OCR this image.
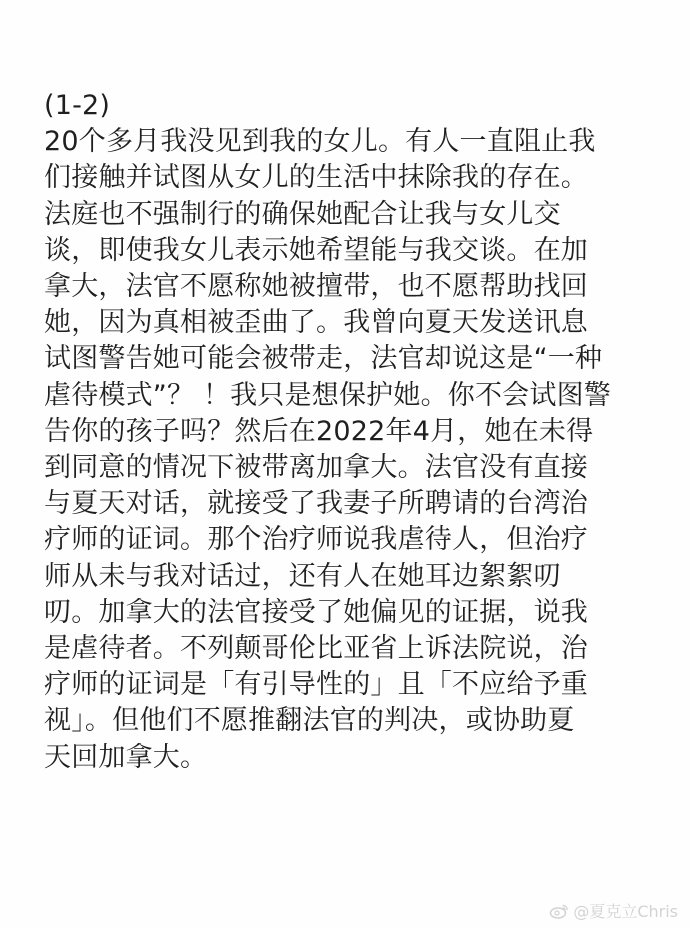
(1-2)
20个多月我没见到我的女儿。有人一直阻止我
们接触并试图从女儿的生活中抹除我的存在。
法庭也不强制行的确保她配合让我与女儿交
谈，即使我女儿表示她希望能与我交谈。在加
拿大，法官不愿称她被擅带，也不愿帮助找回
她，因为真相被歪曲了。我曾向夏天发送讯息
试图警告她可能会被带走，法官却说这是“一种
虐待模式”？ ！我只是想保护她。你不会试图警
告你的孩子吗？然后在2022年4月，她在未得
到同意的情况下被带离加拿大。法官没有直接
与夏天对话，就接受了我妻子所聘请的台湾治
疗师的证词。那个治疗师说我虐待人，但治疗
师从未与我对话过，还有人在她耳边絮絮叨
叨。加拿大的法官接受了她偏见的证据，说我
是虐待者。不列颠哥伦比亚省上诉法院说，治
疗师的证词是「有引导性的」且「不应给予重
视」。但他们不愿推翻法官的判决，或协助夏
天回加拿大。
@夏克立Chris
